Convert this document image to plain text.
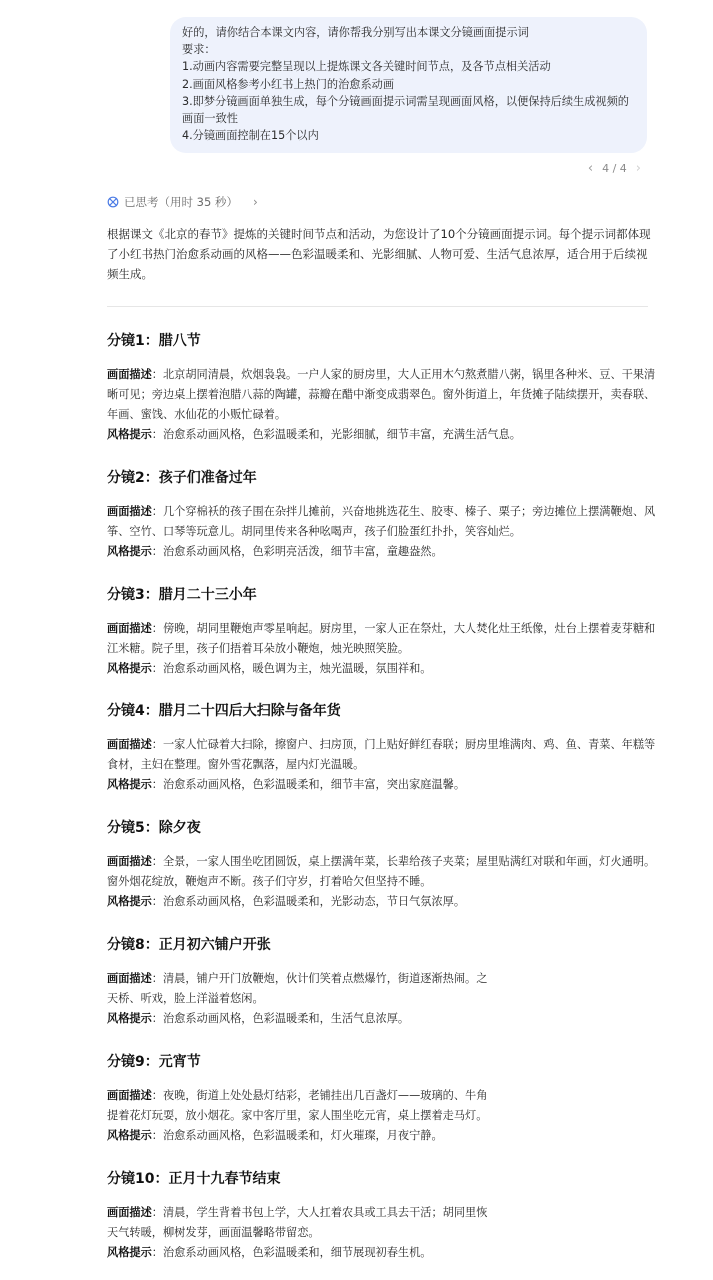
好的，请你结合本课文内容，请你帮我分别写出本课文分镜画面提示词
要求：
1.动画内容需要完整呈现以上提炼课文各关键时间节点，及各节点相关活动
2.画面风格参考小红书上热门的治愈系动画
3.即梦分镜画面单独生成，每个分镜画面提示词需呈现画面风格，以便保持后续生成视频的画面一致性
4.分镜画面控制在15个以内
‹ 4 / 4 ›
已思考（用时 35 秒） ›
根据课文《北京的春节》提炼的关键时间节点和活动，为您设计了10个分镜画面提示词。每个提示词都体现了小红书热门治愈系动画的风格——色彩温暖柔和、光影细腻、人物可爱、生活气息浓厚，适合用于后续视频生成。
分镜1：腊八节
画面描述：北京胡同清晨，炊烟袅袅。一户人家的厨房里，大人正用木勺熬煮腊八粥，锅里各种米、豆、干果清晰可见；旁边桌上摆着泡腊八蒜的陶罐，蒜瓣在醋中渐变成翡翠色。窗外街道上，年货摊子陆续摆开，卖春联、年画、蜜饯、水仙花的小贩忙碌着。
风格提示：治愈系动画风格，色彩温暖柔和，光影细腻，细节丰富，充满生活气息。
分镜2：孩子们准备过年
画面描述：几个穿棉袄的孩子围在杂拌儿摊前，兴奋地挑选花生、胶枣、榛子、栗子；旁边摊位上摆满鞭炮、风筝、空竹、口琴等玩意儿。胡同里传来各种吆喝声，孩子们脸蛋红扑扑，笑容灿烂。
风格提示：治愈系动画风格，色彩明亮活泼，细节丰富，童趣盎然。
分镜3：腊月二十三小年
画面描述：傍晚，胡同里鞭炮声零星响起。厨房里，一家人正在祭灶，大人焚化灶王纸像，灶台上摆着麦芽糖和江米糖。院子里，孩子们捂着耳朵放小鞭炮，烛光映照笑脸。
风格提示：治愈系动画风格，暖色调为主，烛光温暖，氛围祥和。
分镜4：腊月二十四后大扫除与备年货
画面描述：一家人忙碌着大扫除，擦窗户、扫房顶，门上贴好鲜红春联；厨房里堆满肉、鸡、鱼、青菜、年糕等食材，主妇在整理。窗外雪花飘落，屋内灯光温暖。
风格提示：治愈系动画风格，色彩温暖柔和，细节丰富，突出家庭温馨。
分镜5：除夕夜
画面描述：全景，一家人围坐吃团圆饭，桌上摆满年菜，长辈给孩子夹菜；屋里贴满红对联和年画，灯火通明。窗外烟花绽放，鞭炮声不断。孩子们守岁，打着哈欠但坚持不睡。
风格提示：治愈系动画风格，色彩温暖柔和，光影动态，节日气氛浓厚。
分镜8：正月初六铺户开张
画面描述：清晨，铺户开门放鞭炮，伙计们笑着点燃爆竹，街道逐渐热闹。之
天桥、听戏，脸上洋溢着悠闲。
风格提示：治愈系动画风格，色彩温暖柔和，生活气息浓厚。
分镜9：元宵节
画面描述：夜晚，街道上处处悬灯结彩，老铺挂出几百盏灯——玻璃的、牛角
提着花灯玩耍，放小烟花。家中客厅里，家人围坐吃元宵，桌上摆着走马灯。
风格提示：治愈系动画风格，色彩温暖柔和，灯火璀璨，月夜宁静。
分镜10：正月十九春节结束
画面描述：清晨，学生背着书包上学，大人扛着农具或工具去干活；胡同里恢
天气转暖，柳树发芽，画面温馨略带留恋。
风格提示：治愈系动画风格，色彩温暖柔和，细节展现初春生机。
